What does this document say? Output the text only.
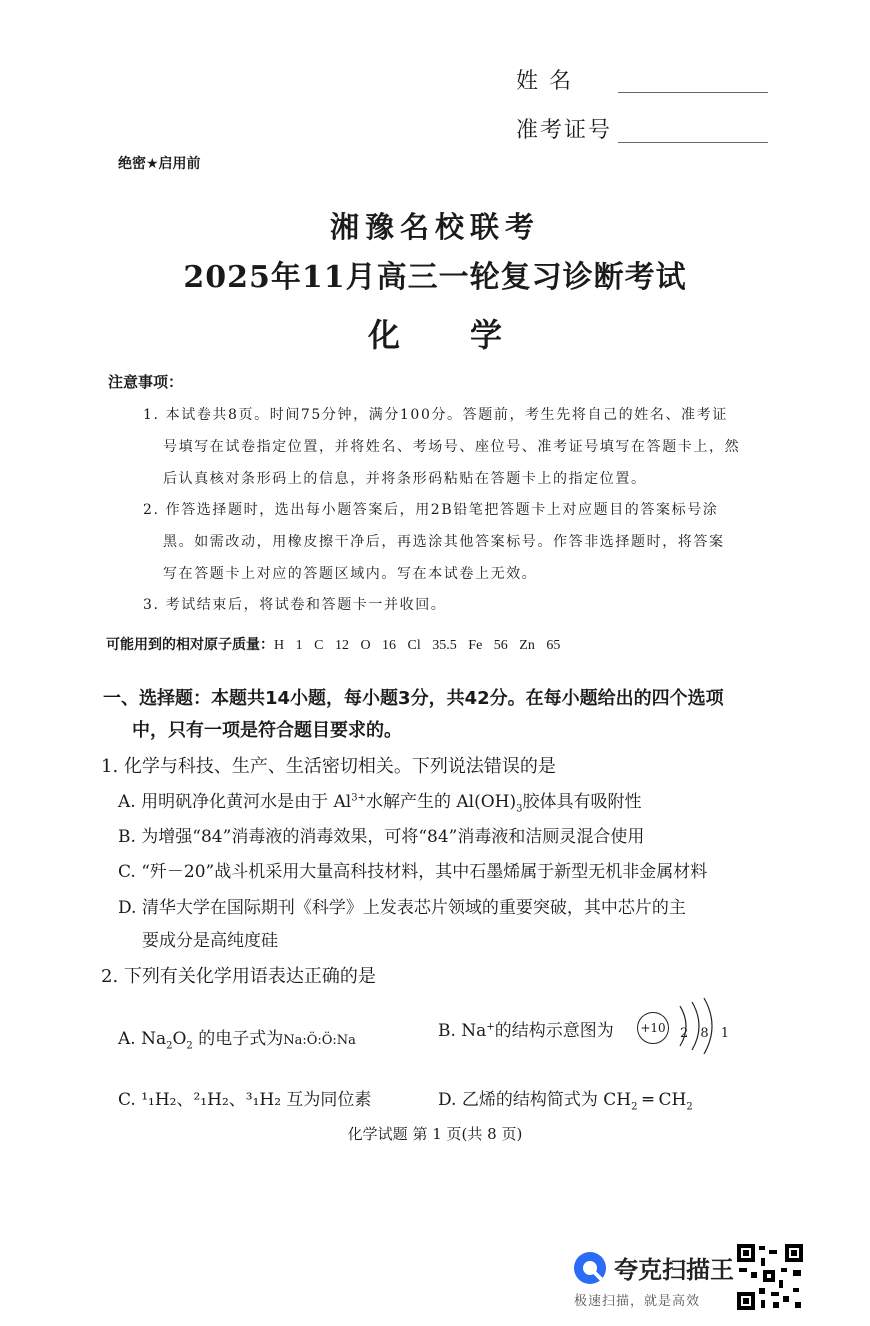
姓 名
准考证号
绝密★启用前
湘豫名校联考
2025年11月高三一轮复习诊断考试
化 学
注意事项：
1. 本试卷共8页。时间75分钟，满分100分。答题前，考生先将自己的姓名、准考证
号填写在试卷指定位置，并将姓名、考场号、座位号、准考证号填写在答题卡上，然
后认真核对条形码上的信息，并将条形码粘贴在答题卡上的指定位置。
2. 作答选择题时，选出每小题答案后，用2B铅笔把答题卡上对应题目的答案标号涂
黑。如需改动，用橡皮擦干净后，再选涂其他答案标号。作答非选择题时，将答案
写在答题卡上对应的答题区域内。写在本试卷上无效。
3. 考试结束后，将试卷和答题卡一并收回。
可能用到的相对原子质量：H 1 C 12 O 16 Cl 35.5 Fe 56 Zn 65
一、选择题：本题共14小题，每小题3分，共42分。在每小题给出的四个选项
中，只有一项是符合题目要求的。
1. 化学与科技、生产、生活密切相关。下列说法错误的是
A. 用明矾净化黄河水是由于 $Al^{3+}$水解产生的 $Al(OH)_3$胶体具有吸附性
B. 为增强“84”消毒液的消毒效果，可将“84”消毒液和洁厕灵混合使用
C. “歼－20”战斗机采用大量高科技材料，其中石墨烯属于新型无机非金属材料
D. 清华大学在国际期刊《科学》上发表芯片领域的重要突破，其中芯片的主
要成分是高纯度硅
2. 下列有关化学用语表达正确的是
A. $Na_2O_2$ 的电子式为Na:Ö:Ö:Na	B. Na+的结构示意图为 +10 2 8 1
C. ¹₁H₂、²₁H₂、³₁H₂ 互为同位素	D. 乙烯的结构简式为 $CH_2$ ═ $CH_2$
化学试题 第 1 页(共 8 页)
夸克扫描王
极速扫描，就是高效
